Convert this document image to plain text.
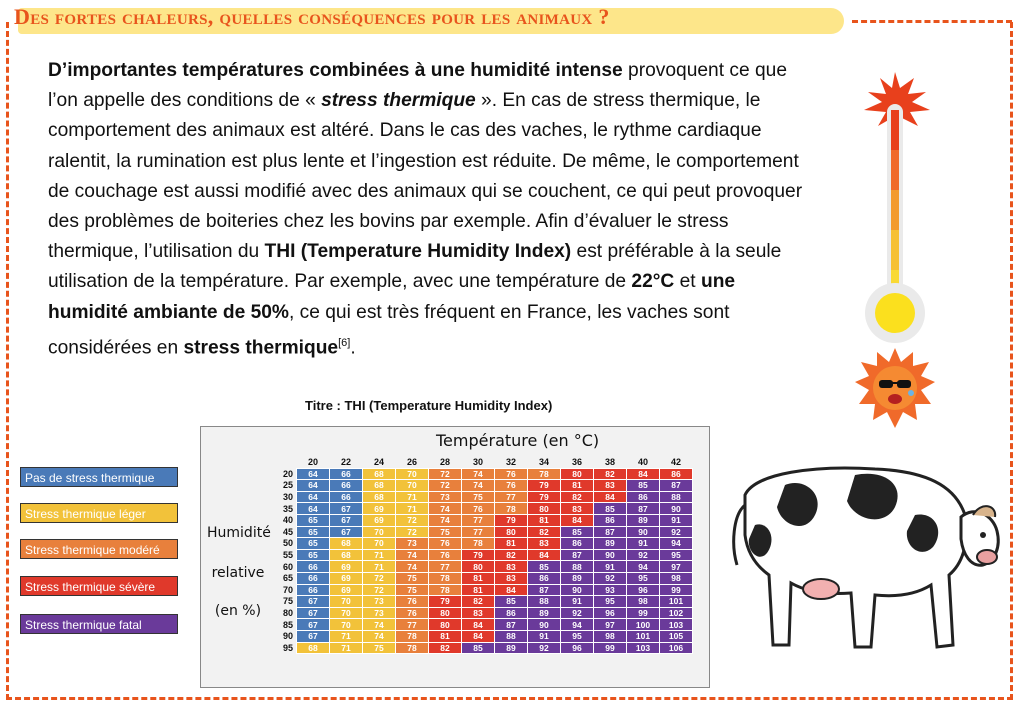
Des fortes chaleurs, quelles conséquences pour les animaux ?
D’importantes températures combinées à une humidité intense provoquent ce que l’on appelle des conditions de « stress thermique ». En cas de stress thermique, le comportement des animaux est altéré. Dans le cas des vaches, le rythme cardiaque ralentit, la rumination est plus lente et l’ingestion est réduite. De même, le comportement de couchage est aussi modifié avec des animaux qui se couchent, ce qui peut provoquer des problèmes de boiteries chez les bovins par exemple. Afin d’évaluer le stress thermique, l’utilisation du THI (Temperature Humidity Index) est préférable à la seule utilisation de la température. Par exemple, avec une température de 22°C et une humidité ambiante de 50%, ce qui est très fréquent en France, les vaches sont considérées en stress thermique[6].
Titre : THI (Temperature Humidity Index)
Pas de stress thermique
Stress thermique léger
Stress thermique modéré
Stress thermique sévère
Stress thermique fatal
Température (en °C)
Humidité
relative
(en %)
	20	22	24	26	28	30	32	34	36	38	40	42
20	64	66	68	70	72	74	76	78	80	82	84	86
25	64	66	68	70	72	74	76	79	81	83	85	87
30	64	66	68	71	73	75	77	79	82	84	86	88
35	64	67	69	71	74	76	78	80	83	85	87	90
40	65	67	69	72	74	77	79	81	84	86	89	91
45	65	67	70	72	75	77	80	82	85	87	90	92
50	65	68	70	73	76	78	81	83	86	89	91	94
55	65	68	71	74	76	79	82	84	87	90	92	95
60	66	69	71	74	77	80	83	85	88	91	94	97
65	66	69	72	75	78	81	83	86	89	92	95	98
70	66	69	72	75	78	81	84	87	90	93	96	99
75	67	70	73	76	79	82	85	88	91	95	98	101
80	67	70	73	76	80	83	86	89	92	96	99	102
85	67	70	74	77	80	84	87	90	94	97	100	103
90	67	71	74	78	81	84	88	91	95	98	101	105
95	68	71	75	78	82	85	89	92	96	99	103	106
